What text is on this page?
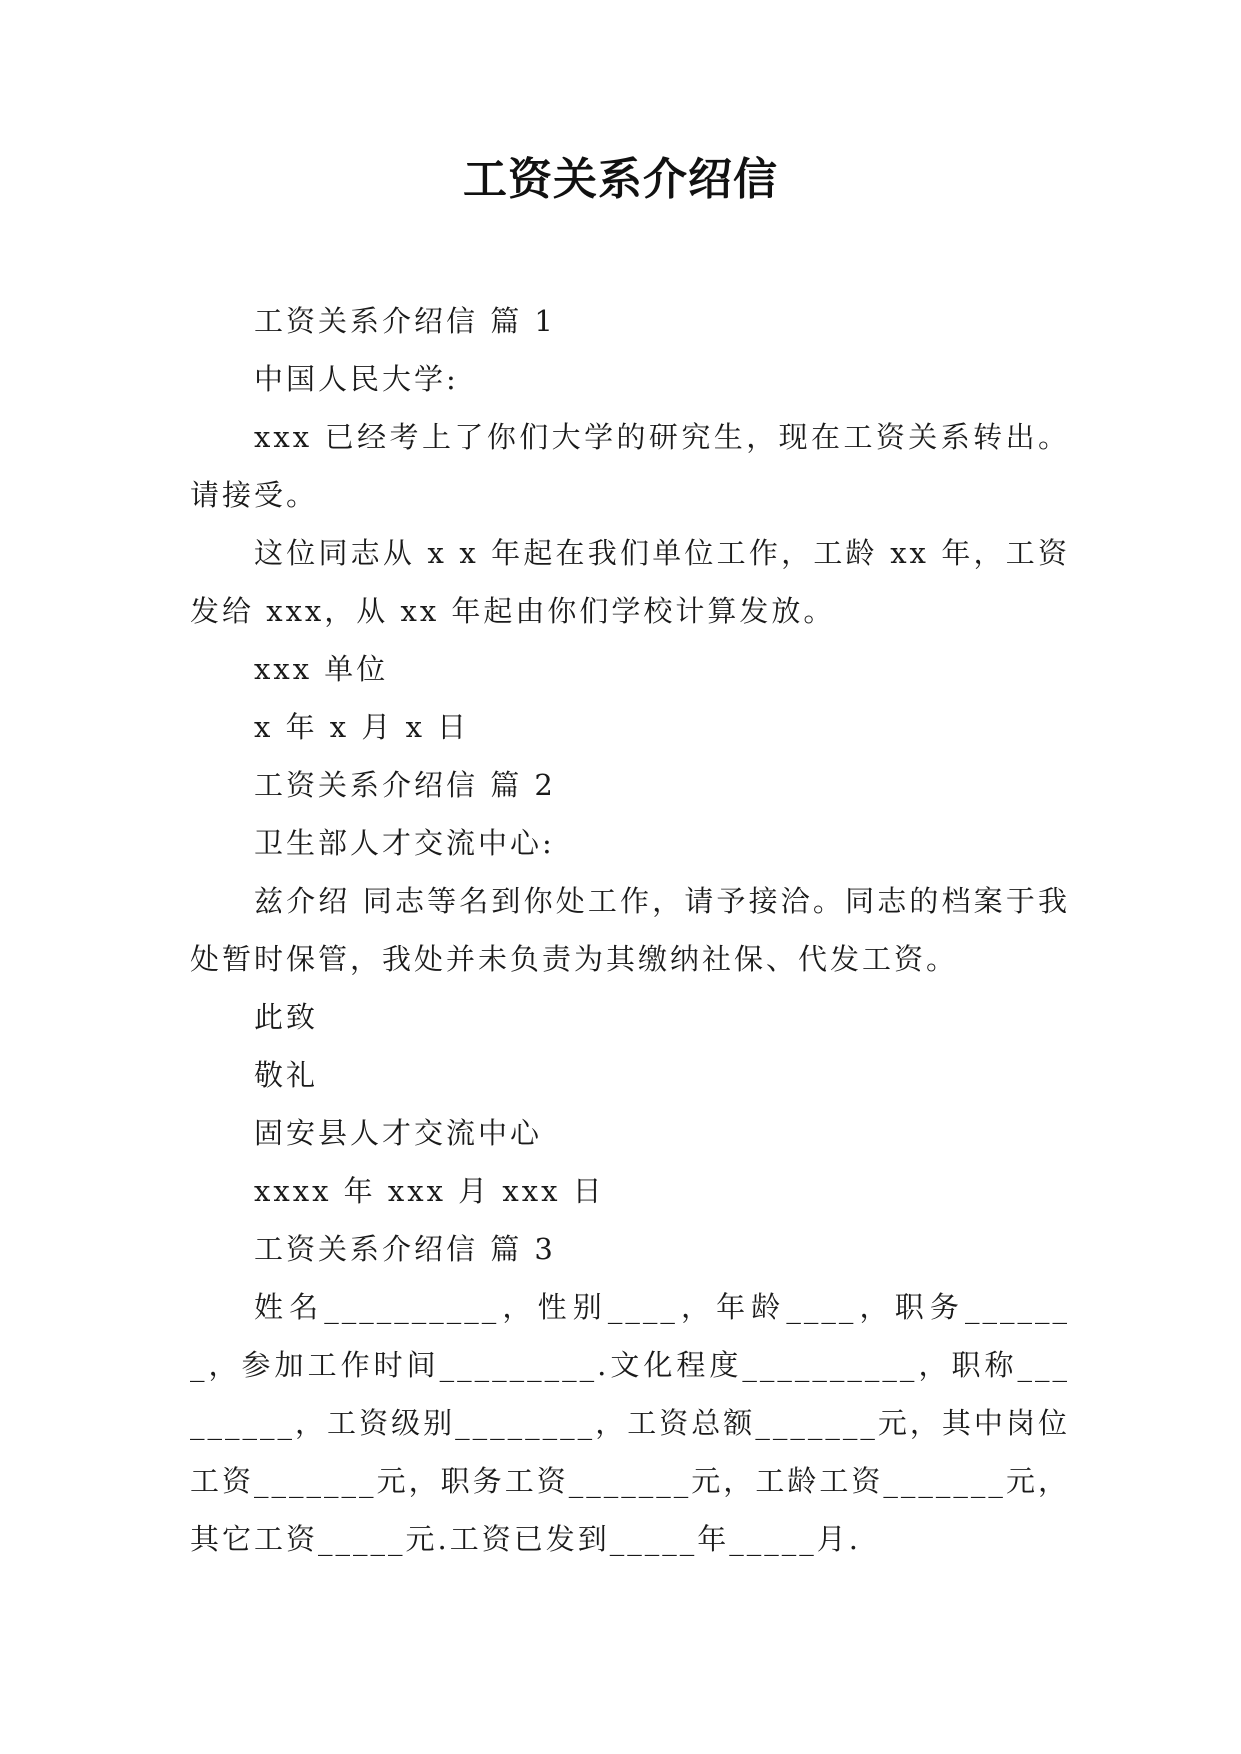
工资关系介绍信

工资关系介绍信 篇 1

中国人民大学:

xxx 已经考上了你们大学的研究生，现在工资关系转出。请接受。

这位同志从 x x 年起在我们单位工作，工龄 xx 年，工资发给 xxx，从 xx 年起由你们学校计算发放。

xxx 单位

x 年 x 月 x 日

工资关系介绍信 篇 2

卫生部人才交流中心:

兹介绍 同志等名到你处工作，请予接洽。同志的档案于我处暂时保管，我处并未负责为其缴纳社保、代发工资。

此致

敬礼

固安县人才交流中心

xxxx 年 xxx 月 xxx 日

工资关系介绍信 篇 3

姓名__________，性别____，年龄____，职务_______，参加工作时间_________.文化程度__________，职称_________，工资级别________，工资总额_______元，其中岗位工资_______元，职务工资_______元，工龄工资_______元，其它工资_____元.工资已发到_____年_____月.
